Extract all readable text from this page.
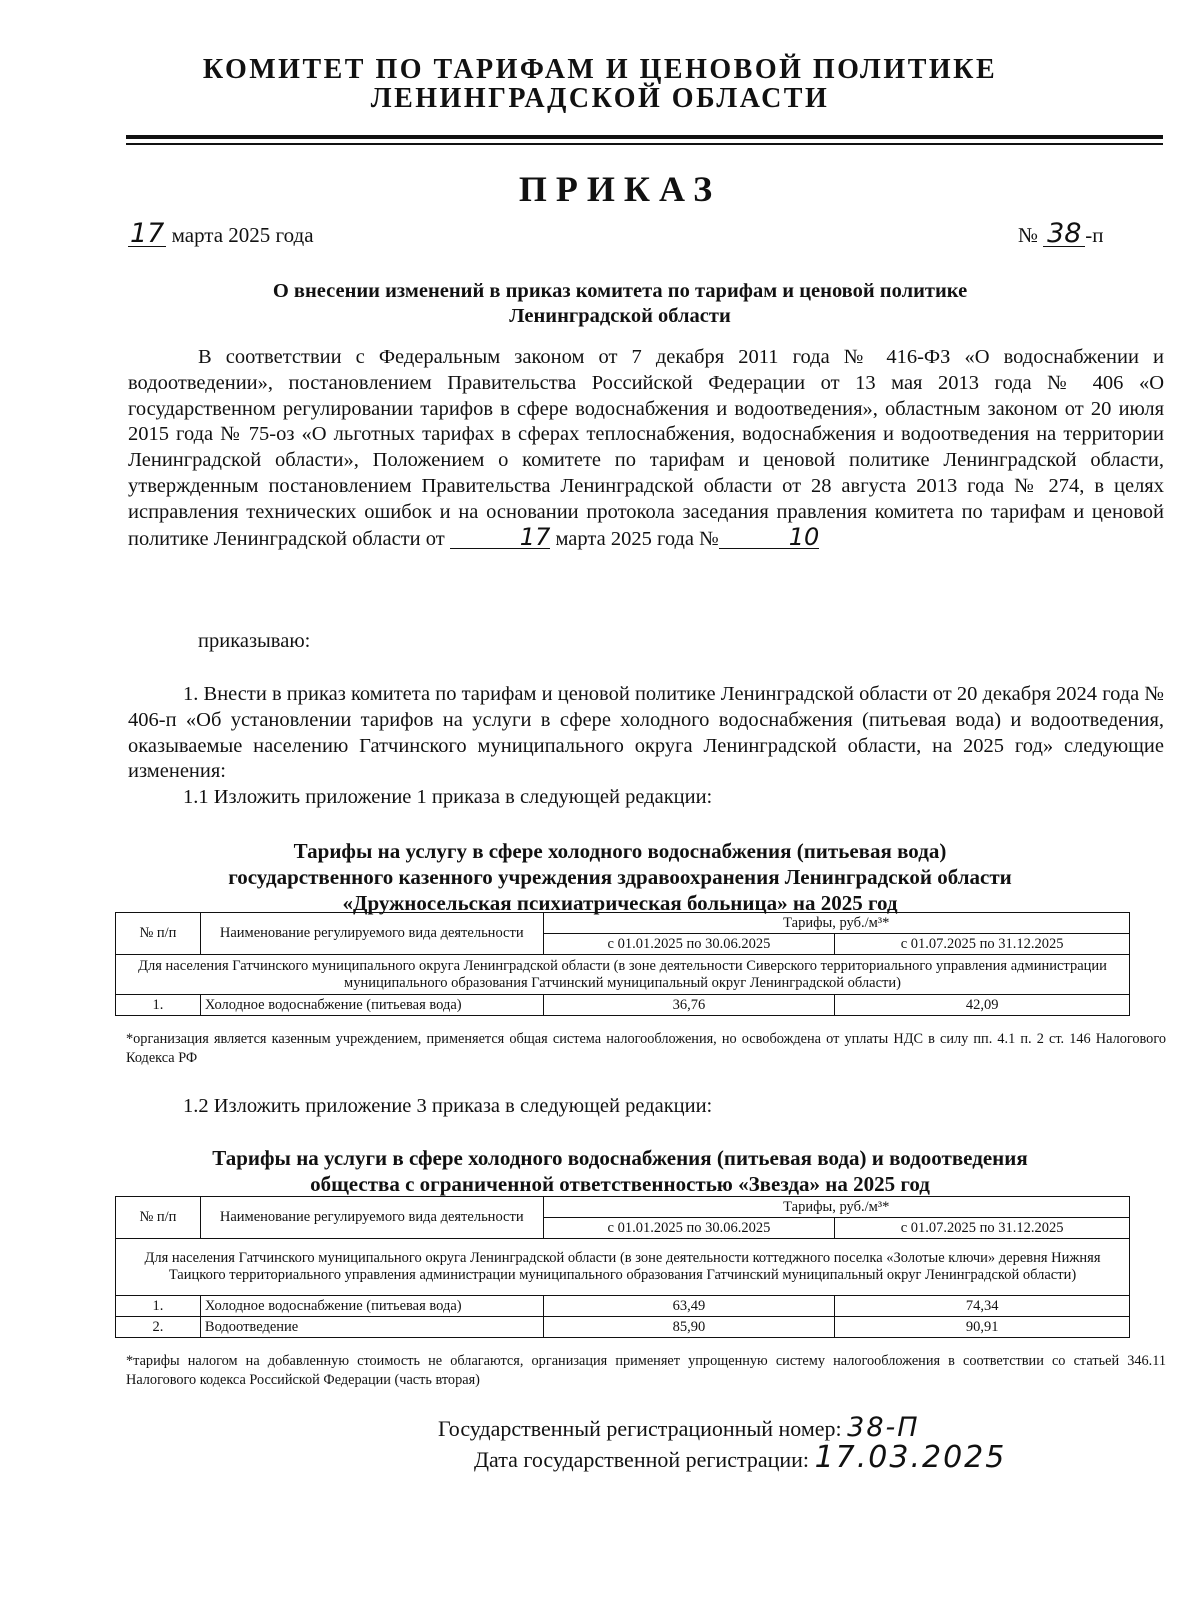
КОМИТЕТ ПО ТАРИФАМ И ЦЕНОВОЙ ПОЛИТИКЕ
ЛЕНИНГРАДСКОЙ ОБЛАСТИ
ПРИКАЗ
17 марта 2025 года	№ 38 -п
О внесении изменений в приказ комитета по тарифам и ценовой политике
Ленинградской области
В соответствии с Федеральным законом от 7 декабря 2011 года № 416-ФЗ «О водоснабжении и водоотведении», постановлением Правительства Российской Федерации от 13 мая 2013 года № 406 «О государственном регулировании тарифов в сфере водоснабжения и водоотведения», областным законом от 20 июля 2015 года № 75-оз «О льготных тарифах в сферах теплоснабжения, водоснабжения и водоотведения на территории Ленинградской области», Положением о комитете по тарифам и ценовой политике Ленинградской области, утвержденным постановлением Правительства Ленинградской области от 28 августа 2013 года № 274, в целях исправления технических ошибок и на основании протокола заседания правления комитета по тарифам и ценовой политике Ленинградской области от	17 марта 2025 года №	10
приказываю:
1. Внести в приказ комитета по тарифам и ценовой политике Ленинградской области от 20 декабря 2024 года № 406-п «Об установлении тарифов на услуги в сфере холодного водоснабжения (питьевая вода) и водоотведения, оказываемые населению Гатчинского муниципального округа Ленинградской области, на 2025 год» следующие изменения:
1.1 Изложить приложение 1 приказа в следующей редакции:
Тарифы на услугу в сфере холодного водоснабжения (питьевая вода)
государственного казенного учреждения здравоохранения Ленинградской области
«Дружносельская психиатрическая больница» на 2025 год
№ п/п	Наименование регулируемого вида деятельности	Тарифы, руб./м³*	
		с 01.01.2025 по 30.06.2025	с 01.07.2025 по 31.12.2025
Для населения Гатчинского муниципального округа Ленинградской области (в зоне деятельности Сиверского территориального управления администрации муниципального образования Гатчинский муниципальный округ Ленинградской области)			
1.	Холодное водоснабжение (питьевая вода)	36,76	42,09
*организация является казенным учреждением, применяется общая система налогообложения, но освобождена от уплаты НДС в силу пп. 4.1 п. 2 ст. 146 Налогового Кодекса РФ
1.2 Изложить приложение 3 приказа в следующей редакции:
Тарифы на услуги в сфере холодного водоснабжения (питьевая вода) и водоотведения
общества с ограниченной ответственностью «Звезда» на 2025 год
№ п/п	Наименование регулируемого вида деятельности	Тарифы, руб./м³*	
		с 01.01.2025 по 30.06.2025	с 01.07.2025 по 31.12.2025
Для населения Гатчинского муниципального округа Ленинградской области (в зоне деятельности коттеджного поселка «Золотые ключи» деревня Нижняя Таицкого территориального управления администрации муниципального образования Гатчинский муниципальный округ Ленинградской области)			
1.	Холодное водоснабжение (питьевая вода)	63,49	74,34
2.	Водоотведение	85,90	90,91
*тарифы налогом на добавленную стоимость не облагаются, организация применяет упрощенную систему налогообложения в соответствии со статьей 346.11 Налогового кодекса Российской Федерации (часть вторая)
Государственный регистрационный номер: 38-П
Дата государственной регистрации: 17.03.2025
